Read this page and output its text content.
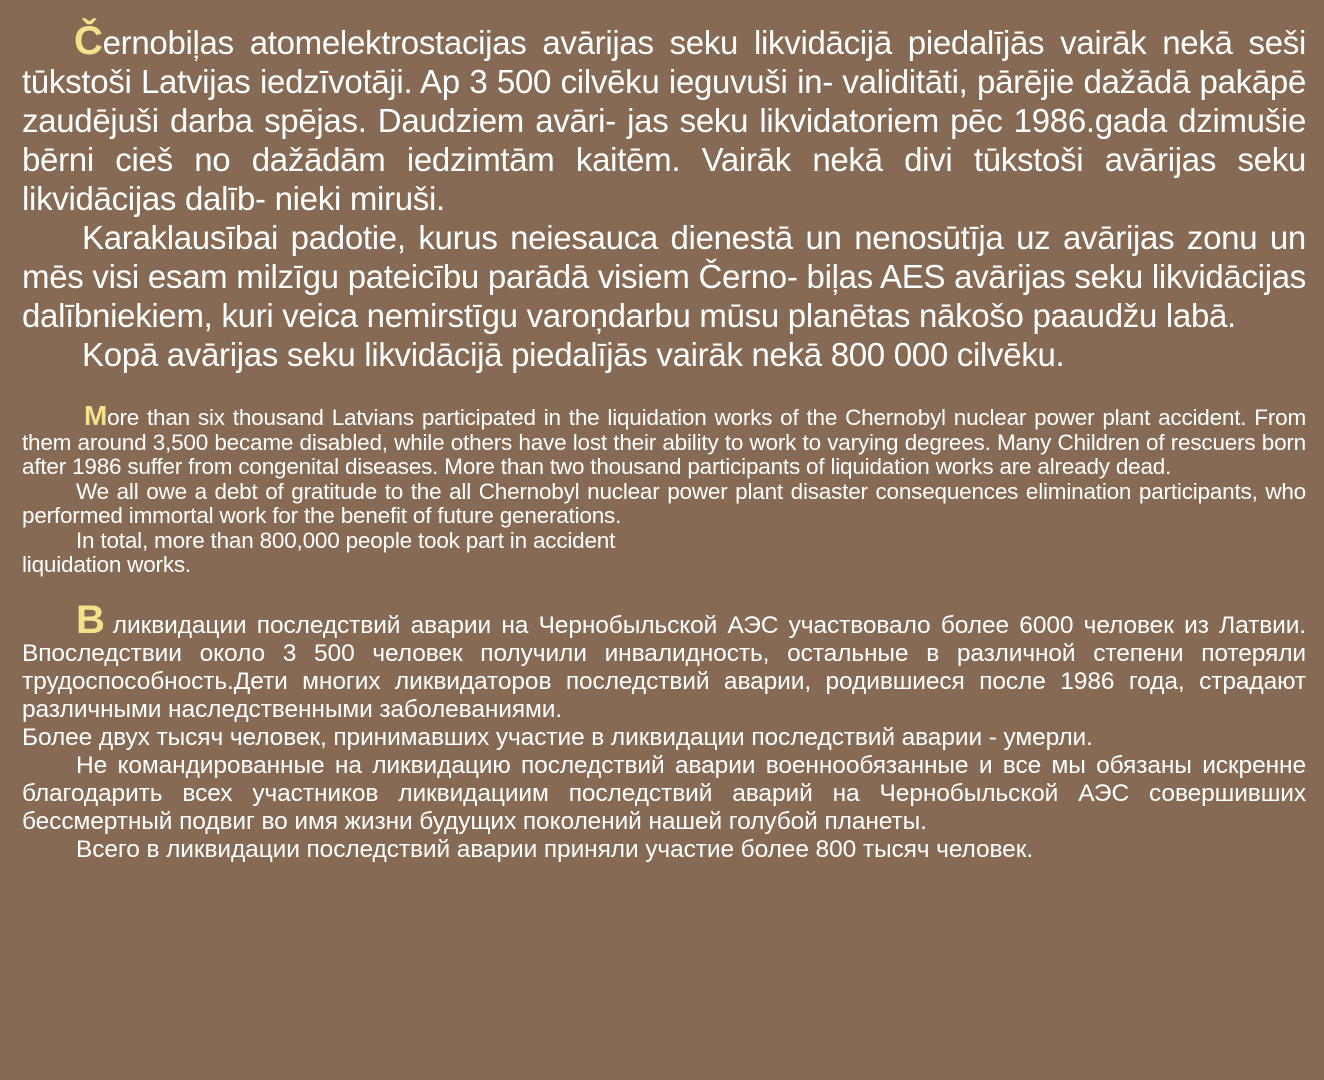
Černobiļas atomelektrostacijas avārijas seku likvidācijā piedalījās vairāk nekā seši tūkstoši Latvijas iedzīvotāji. Ap 3 500 cilvēku ieguvuši in- validitāti, pārējie dažādā pakāpē zaudējuši darba spējas. Daudziem avāri- jas seku likvidatoriem pēc 1986.gada dzimušie bērni cieš no dažādām iedzimtām kaitēm. Vairāk nekā divi tūkstoši avārijas seku likvidācijas dalīb- nieki miruši.

Karaklausībai padotie, kurus neiesauca dienestā un nenosūtīja uz avārijas zonu un mēs visi esam milzīgu pateicību parādā visiem Černo- biļas AES avārijas seku likvidācijas dalībniekiem, kuri veica nemirstīgu varoņdarbu mūsu planētas nākošo paaudžu labā.

Kopā avārijas seku likvidācijā piedalījās vairāk nekā 800 000 cilvēku.

More than six thousand Latvians participated in the liquidation works of the Chernobyl nuclear power plant accident. From them around 3,500 became disabled, while others have lost their ability to work to varying degrees. Many Children of rescuers born after 1986 suffer from congenital diseases. More than two thousand participants of liquidation works are already dead.

We all owe a debt of gratitude to the all Chernobyl nuclear power plant disaster consequences elimination participants, who performed immortal work for the benefit of future generations.

In total, more than 800,000 people took part in accident

liquidation works.

Вликвидации последствий аварии на Чернобыльской АЭС участвовало более 6000 человек из Латвии. Впоследствии около 3 500 человек получили инвалидность, остальные в различной степени потеряли трудоспособность.Дети многих ликвидаторов последствий аварии, родившиеся после 1986 года, страдают различными наследственными заболеваниями.

Более двух тысяч человек, принимавших участие в ликвидации последствий аварии - умерли.

Не командированные на ликвидацию последствий аварии военнообязанные и все мы обязаны искренне благодарить всех участников ликвидациим последствий аварий на Чернобыльской АЭС совершивших бессмертный подвиг во имя жизни будущих поколений нашей голубой планеты.

Всего в ликвидации последствий аварии приняли участие более 800 тысяч человек.
